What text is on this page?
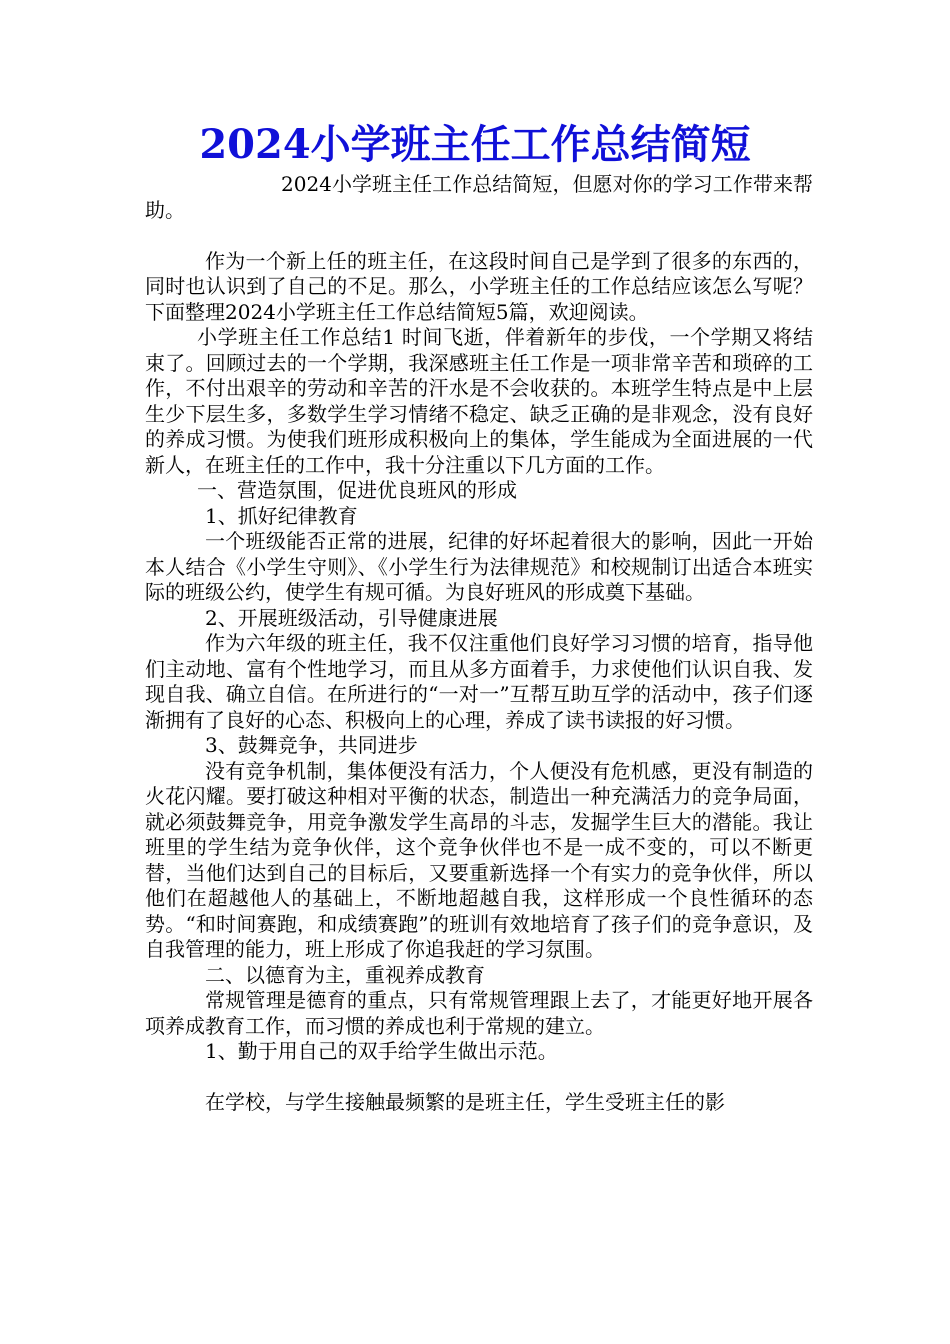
2024小学班主任工作总结简短

2024小学班主任工作总结简短，但愿对你的学习工作带来帮助。

作为一个新上任的班主任，在这段时间自己是学到了很多的东西的，同时也认识到了自己的不足。那么，小学班主任的工作总结应该怎么写呢？下面整理2024小学班主任工作总结简短5篇，欢迎阅读。

小学班主任工作总结1 时间飞逝，伴着新年的步伐，一个学期又将结束了。回顾过去的一个学期，我深感班主任工作是一项非常辛苦和琐碎的工作，不付出艰辛的劳动和辛苦的汗水是不会收获的。本班学生特点是中上层生少下层生多，多数学生学习情绪不稳定、缺乏正确的是非观念，没有良好的养成习惯。为使我们班形成积极向上的集体，学生能成为全面进展的一代新人，在班主任的工作中，我十分注重以下几方面的工作。

一、营造氛围，促进优良班风的形成

1、抓好纪律教育

一个班级能否正常的进展，纪律的好坏起着很大的影响，因此一开始本人结合《小学生守则》、《小学生行为法律规范》和校规制订出适合本班实际的班级公约，使学生有规可循。为良好班风的形成奠下基础。

2、开展班级活动，引导健康进展

作为六年级的班主任，我不仅注重他们良好学习习惯的培育，指导他们主动地、富有个性地学习，而且从多方面着手，力求使他们认识自我、发现自我、确立自信。在所进行的“一对一”互帮互助互学的活动中，孩子们逐渐拥有了良好的心态、积极向上的心理，养成了读书读报的好习惯。

3、鼓舞竞争，共同进步

没有竞争机制，集体便没有活力，个人便没有危机感，更没有制造的火花闪耀。要打破这种相对平衡的状态，制造出一种充满活力的竞争局面，就必须鼓舞竞争，用竞争激发学生高昂的斗志，发掘学生巨大的潜能。我让班里的学生结为竞争伙伴，这个竞争伙伴也不是一成不变的，可以不断更替，当他们达到自己的目标后，又要重新选择一个有实力的竞争伙伴，所以他们在超越他人的基础上，不断地超越自我，这样形成一个良性循环的态势。“和时间赛跑，和成绩赛跑”的班训有效地培育了孩子们的竞争意识，及自我管理的能力，班上形成了你追我赶的学习氛围。

二、以德育为主，重视养成教育

常规管理是德育的重点，只有常规管理跟上去了，才能更好地开展各项养成教育工作，而习惯的养成也利于常规的建立。

1、勤于用自己的双手给学生做出示范。

在学校，与学生接触最频繁的是班主任，学生受班主任的影
